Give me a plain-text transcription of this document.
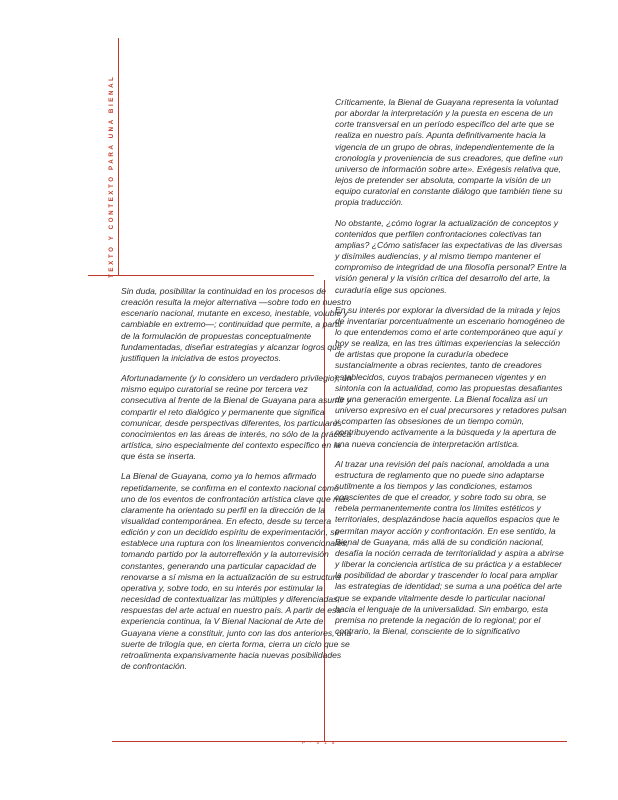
TEXTO Y CONTEXTO PARA UNA BIENAL

Sin duda, posibilitar la continuidad en los procesos de creación resulta la mejor alternativa —sobre todo en nuestro escenario nacional, mutante en exceso, inestable, voluble y cambiable en extremo—; continuidad que permite, a partir de la formulación de propuestas conceptualmente fundamentadas, diseñar estrategias y alcanzar logros que justifiquen la iniciativa de estos proyectos.

Afortunadamente (y lo considero un verdadero privilegio), un mismo equipo curatorial se reúne por tercera vez consecutiva al frente de la Bienal de Guayana para asumir y compartir el reto dialógico y permanente que significa comunicar, desde perspectivas diferentes, los particulares conocimientos en las áreas de interés, no sólo de la práctica artística, sino especialmente del contexto específico en la que ésta se inserta.

La Bienal de Guayana, como ya lo hemos afirmado repetidamente, se confirma en el contexto nacional como uno de los eventos de confrontación artística clave que más claramente ha orientado su perfil en la dirección de la visualidad contemporánea. En efecto, desde su tercera edición y con un decidido espíritu de experimentación, se establece una ruptura con los lineamientos convencionales, tomando partido por la autorreflexión y la autorrevisión constantes, generando una particular capacidad de renovarse a sí misma en la actualización de su estructura operativa y, sobre todo, en su interés por estimular la necesidad de contextualizar las múltiples y diferenciadas respuestas del arte actual en nuestro país. A partir de esa experiencia continua, la V Bienal Nacional de Arte de Guayana viene a constituir, junto con las dos anteriores, una suerte de trilogía que, en cierta forma, cierra un ciclo que se retroalimenta expansivamente hacia nuevas posibilidades de confrontación.

Críticamente, la Bienal de Guayana representa la voluntad por abordar la interpretación y la puesta en escena de un corte transversal en un período específico del arte que se realiza en nuestro país. Apunta definitivamente hacia la vigencia de un grupo de obras, independientemente de la cronología y proveniencia de sus creadores, que define «un universo de información sobre arte». Exégesis relativa que, lejos de pretender ser absoluta, comparte la visión de un equipo curatorial en constante diálogo que también tiene su propia traducción.

No obstante, ¿cómo lograr la actualización de conceptos y contenidos que perfilen confrontaciones colectivas tan amplias? ¿Cómo satisfacer las expectativas de las diversas y disímiles audiencias, y al mismo tiempo mantener el compromiso de integridad de una filosofía personal? Entre la visión general y la visión crítica del desarrollo del arte, la curaduría elige sus opciones.

En su interés por explorar la diversidad de la mirada y lejos de inventariar porcentualmente un escenario homogéneo de lo que entendemos como el arte contemporáneo que aquí y hoy se realiza, en las tres últimas experiencias la selección de artistas que propone la curaduría obedece sustancialmente a obras recientes, tanto de creadores establecidos, cuyos trabajos permanecen vigentes y en sintonía con la actualidad, como las propuestas desafiantes de una generación emergente. La Bienal focaliza así un universo expresivo en el cual precursores y retadores pulsan y comparten las obsesiones de un tiempo común, contribuyendo activamente a la búsqueda y la apertura de una nueva conciencia de interpretación artística.

Al trazar una revisión del país nacional, amoldada a una estructura de reglamento que no puede sino adaptarse sutilmente a los tiempos y las condiciones, estamos conscientes de que el creador, y sobre todo su obra, se rebela permanentemente contra los límites estéticos y territoriales, desplazándose hacia aquellos espacios que le permitan mayor acción y confrontación. En ese sentido, la Bienal de Guayana, más allá de su condición nacional, desafía la noción cerrada de territorialidad y aspira a abrirse y liberar la conciencia artística de su práctica y a establecer la posibilidad de abordar y trascender lo local para ampliar las estrategias de identidad; se suma a una poética del arte que se expande vitalmente desde lo particular nacional hacia el lenguaje de la universalidad. Sin embargo, esta premisa no pretende la negación de lo regional; por el contrario, la Bienal, consciente de lo significativo

P · 0 1 5
